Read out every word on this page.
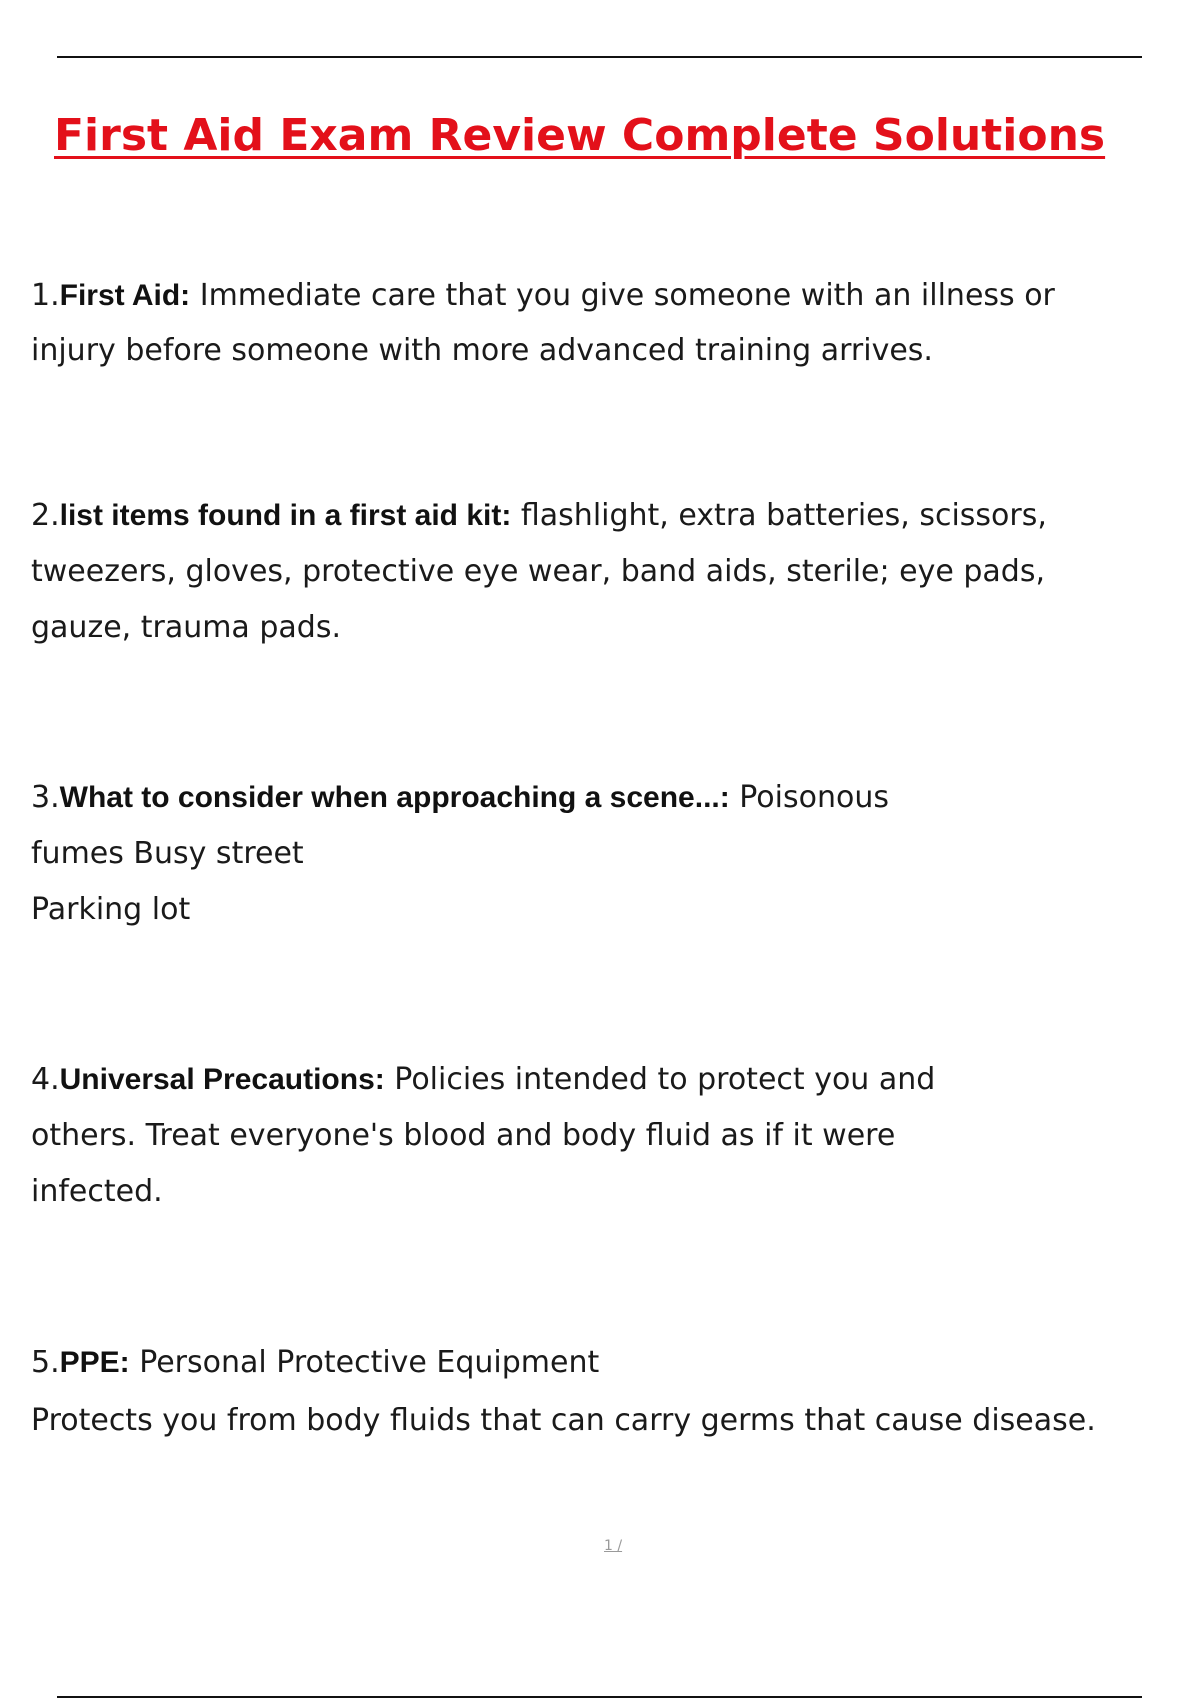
First Aid Exam Review Complete Solutions

1.First Aid: Immediate care that you give someone with an illness or
injury before someone with more advanced training arrives.

2.list items found in a first aid kit: flashlight, extra batteries, scissors,
tweezers, gloves, protective eye wear, band aids, sterile; eye pads,
gauze, trauma pads.

3.What to consider when approaching a scene...: Poisonous
fumes Busy street
Parking lot

4.Universal Precautions: Policies intended to protect you and
others. Treat everyone's blood and body fluid as if it were
infected.

5.PPE: Personal Protective Equipment
Protects you from body fluids that can carry germs that cause disease.

1 /
